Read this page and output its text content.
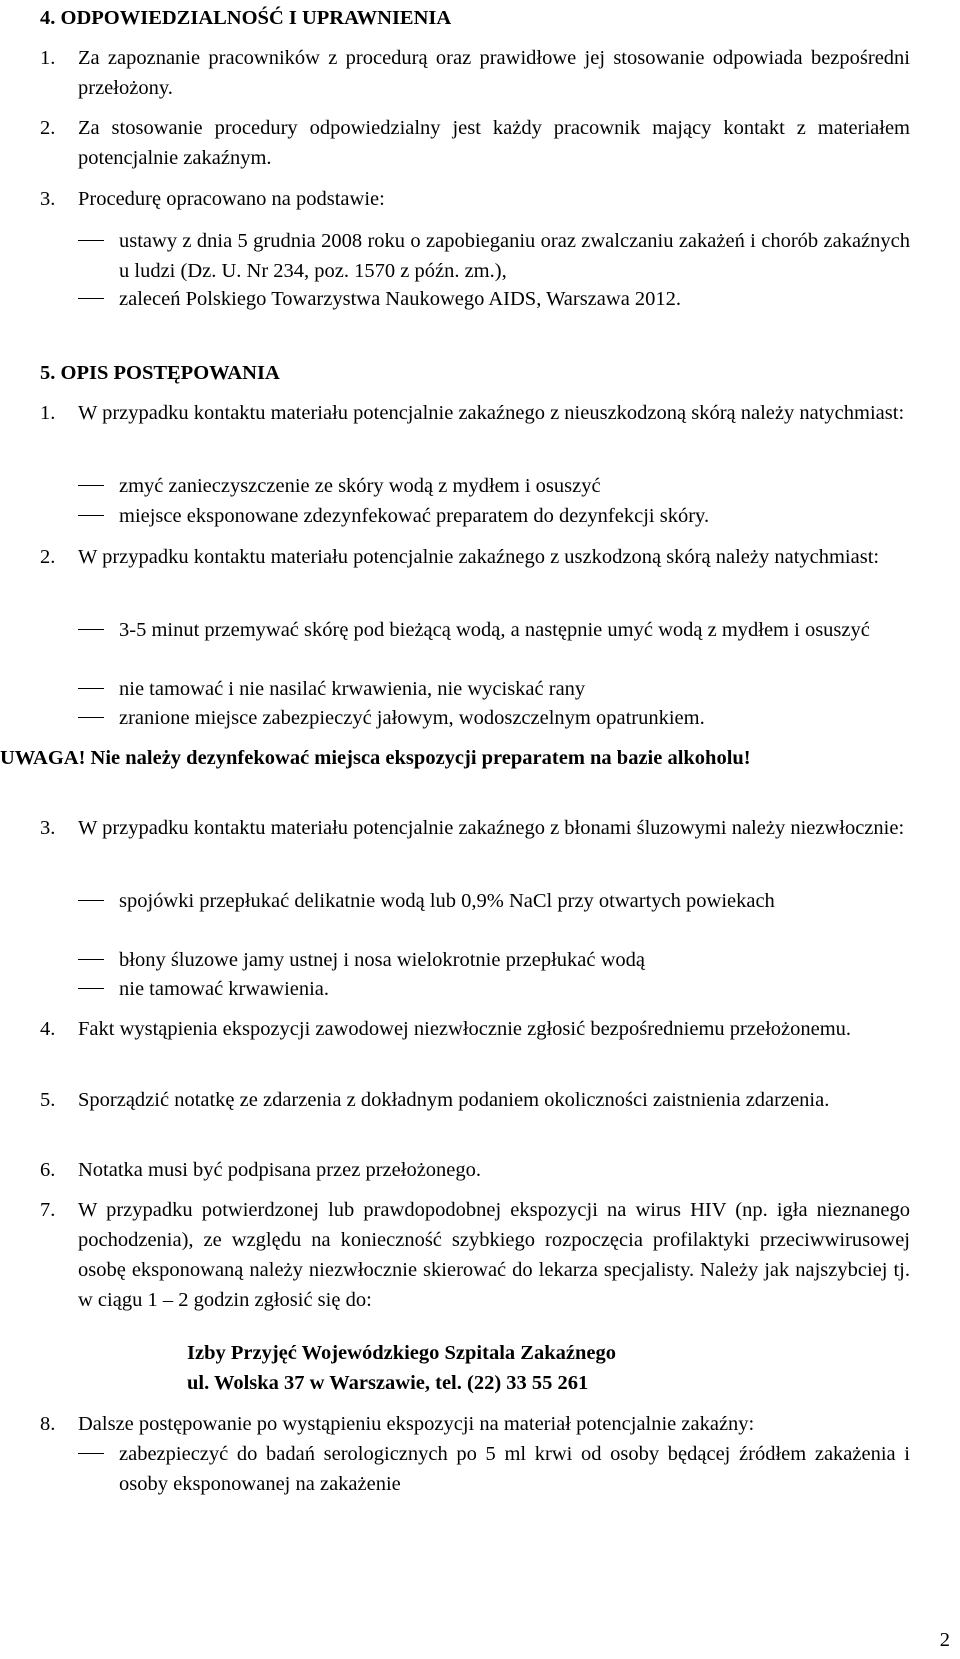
4. ODPOWIEDZIALNOŚĆ I UPRAWNIENIA
1. Za zapoznanie pracowników z procedurą oraz prawidłowe jej stosowanie odpowiada bezpośredni przełożony.
2. Za stosowanie procedury odpowiedzialny jest każdy pracownik mający kontakt z materiałem potencjalnie zakaźnym.
3. Procedurę opracowano na podstawie:
ustawy z dnia 5 grudnia 2008 roku o zapobieganiu oraz zwalczaniu zakażeń i chorób zakaźnych u ludzi (Dz. U. Nr 234, poz. 1570 z późn. zm.),
zaleceń Polskiego Towarzystwa Naukowego AIDS, Warszawa 2012.
5. OPIS POSTĘPOWANIA
1. W przypadku kontaktu materiału potencjalnie zakaźnego z nieuszkodzoną skórą należy natychmiast:
zmyć zanieczyszczenie ze skóry wodą z mydłem i osuszyć
miejsce eksponowane zdezynfekować preparatem do dezynfekcji skóry.
2. W przypadku kontaktu materiału potencjalnie zakaźnego z uszkodzoną skórą należy natychmiast:
3-5 minut przemywać skórę pod bieżącą wodą, a następnie umyć wodą z mydłem i osuszyć
nie tamować i nie nasilać krwawienia, nie wyciskać rany
zranione miejsce zabezpieczyć jałowym, wodoszczelnym opatrunkiem.
UWAGA! Nie należy dezynfekować miejsca ekspozycji preparatem na bazie alkoholu!
3. W przypadku kontaktu materiału potencjalnie zakaźnego z błonami śluzowymi należy niezwłocznie:
spojówki przepłukać delikatnie wodą lub 0,9% NaCl przy otwartych powiekach
błony śluzowe jamy ustnej i nosa wielokrotnie przepłukać wodą
nie tamować krwawienia.
4. Fakt wystąpienia ekspozycji zawodowej niezwłocznie zgłosić bezpośredniemu przełożonemu.
5. Sporządzić notatkę ze zdarzenia z dokładnym podaniem okoliczności zaistnienia zdarzenia.
6. Notatka musi być podpisana przez przełożonego.
7. W przypadku potwierdzonej lub prawdopodobnej ekspozycji na wirus HIV (np. igła nieznanego pochodzenia), ze względu na konieczność szybkiego rozpoczęcia profilaktyki przeciwwirusowej osobę eksponowaną należy niezwłocznie skierować do lekarza specjalisty. Należy jak najszybciej tj. w ciągu 1 – 2 godzin zgłosić się do:
Izby Przyjęć Wojewódzkiego Szpitala Zakaźnego
ul. Wolska 37 w Warszawie, tel. (22) 33 55 261
8. Dalsze postępowanie po wystąpieniu ekspozycji na materiał potencjalnie zakaźny:
zabezpieczyć do badań serologicznych po 5 ml krwi od osoby będącej źródłem zakażenia i osoby eksponowanej na zakażenie
2
